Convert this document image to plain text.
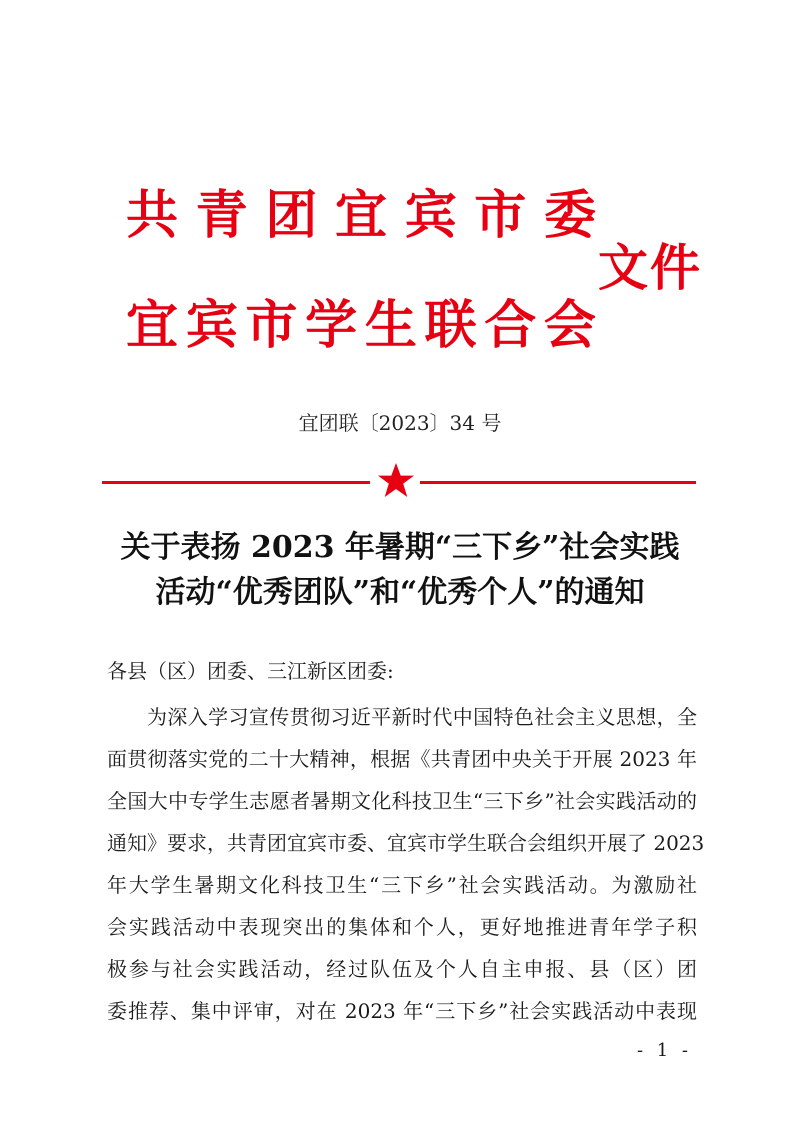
共 青 团 宜 宾 市 委
宜 宾 市 学 生 联 合 会
文件
宜团联〔2023〕34 号
关于表扬 2023 年暑期“三下乡”社会实践
活动“优秀团队”和“优秀个人”的通知
各县（区）团委、三江新区团委:
为深入学习宣传贯彻习近平新时代中国特色社会主义思想，全
面贯彻落实党的二十大精神，根据《共青团中央关于开展 2023 年
全国大中专学生志愿者暑期文化科技卫生“三下乡”社会实践活动的
通知》要求，共青团宜宾市委、宜宾市学生联合会组织开展了 2023
年大学生暑期文化科技卫生“三下乡”社会实践活动。为激励社
会实践活动中表现突出的集体和个人，更好地推进青年学子积
极参与社会实践活动，经过队伍及个人自主申报、县（区）团
委推荐、集中评审，对在 2023 年“三下乡”社会实践活动中表现
- 1 -
